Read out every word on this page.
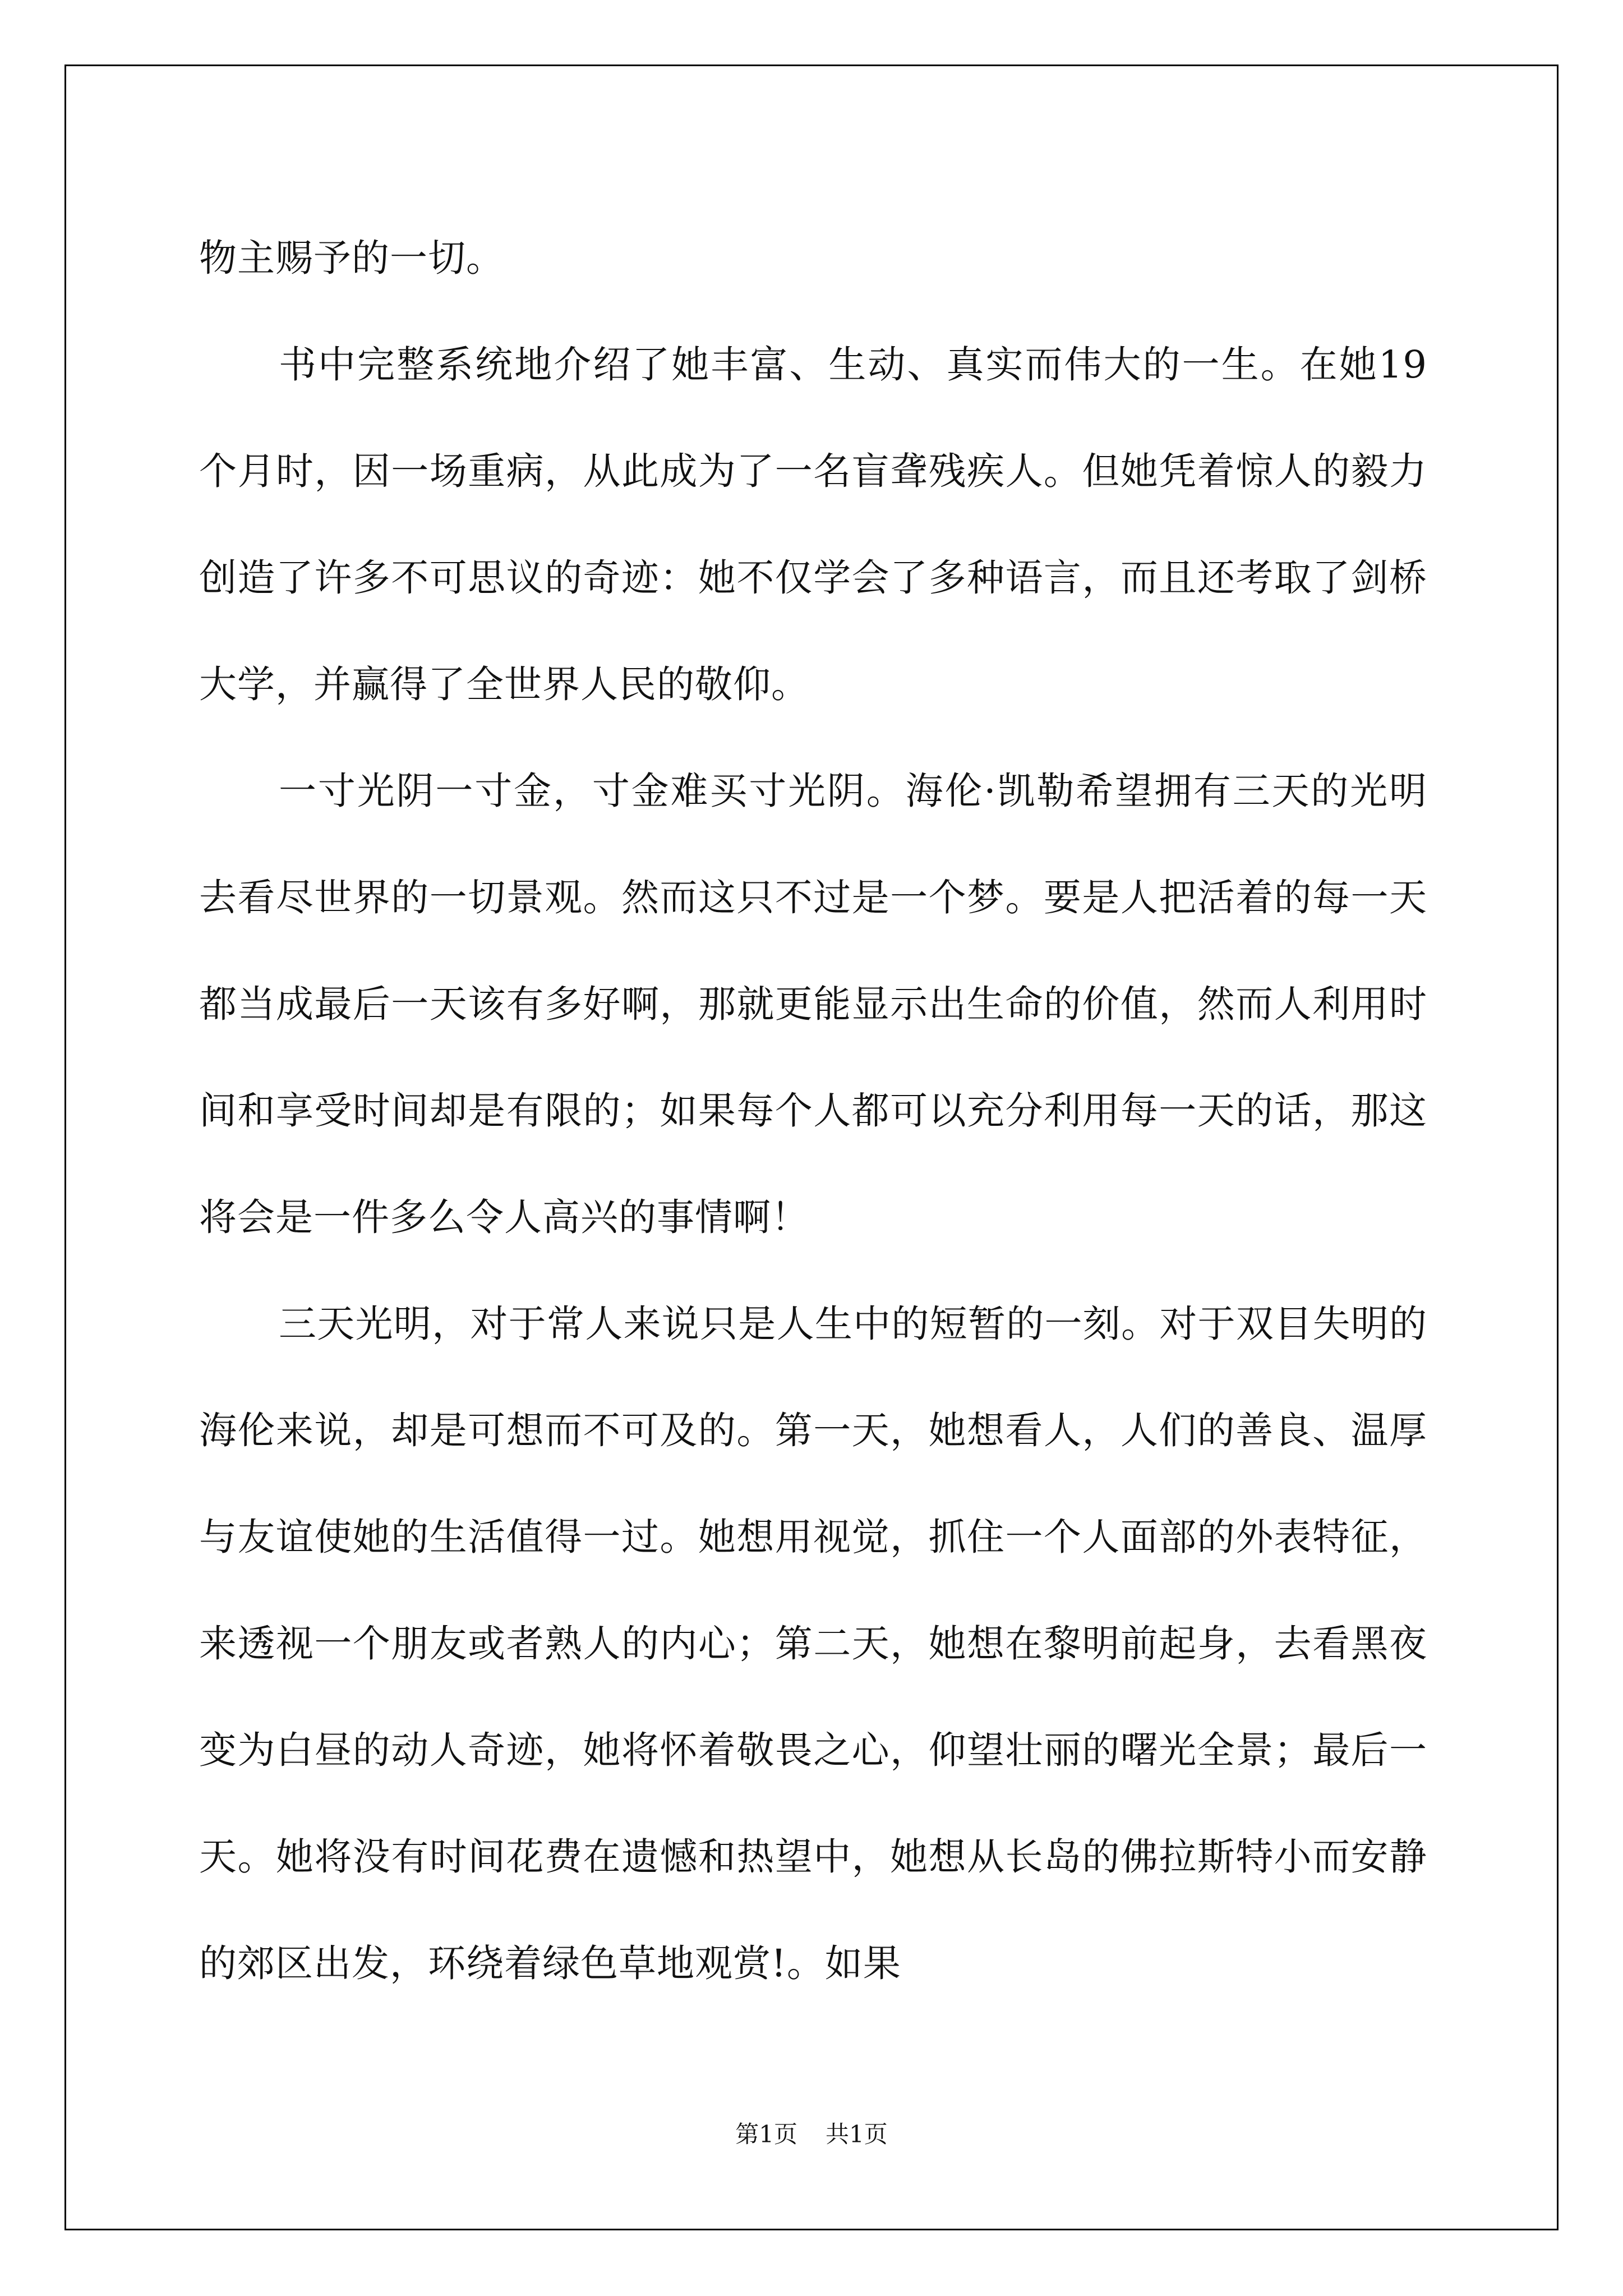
物主赐予的一切。

书中完整系统地介绍了她丰富、生动、真实而伟大的一生。在她19个月时，因一场重病，从此成为了一名盲聋残疾人。但她凭着惊人的毅力创造了许多不可思议的奇迹：她不仅学会了多种语言，而且还考取了剑桥大学，并赢得了全世界人民的敬仰。

一寸光阴一寸金，寸金难买寸光阴。海伦·凯勒希望拥有三天的光明去看尽世界的一切景观。然而这只不过是一个梦。要是人把活着的每一天都当成最后一天该有多好啊，那就更能显示出生命的价值，然而人利用时间和享受时间却是有限的；如果每个人都可以充分利用每一天的话，那这将会是一件多么令人高兴的事情啊！

三天光明，对于常人来说只是人生中的短暂的一刻。对于双目失明的海伦来说，却是可想而不可及的。第一天，她想看人，人们的善良、温厚与友谊使她的生活值得一过。她想用视觉，抓住一个人面部的外表特征，来透视一个朋友或者熟人的内心；第二天，她想在黎明前起身，去看黑夜变为白昼的动人奇迹，她将怀着敬畏之心，仰望壮丽的曙光全景；最后一天。她将没有时间花费在遗憾和热望中，她想从长岛的佛拉斯特小而安静的郊区出发，环绕着绿色草地观赏!。如果

第1页 共1页
